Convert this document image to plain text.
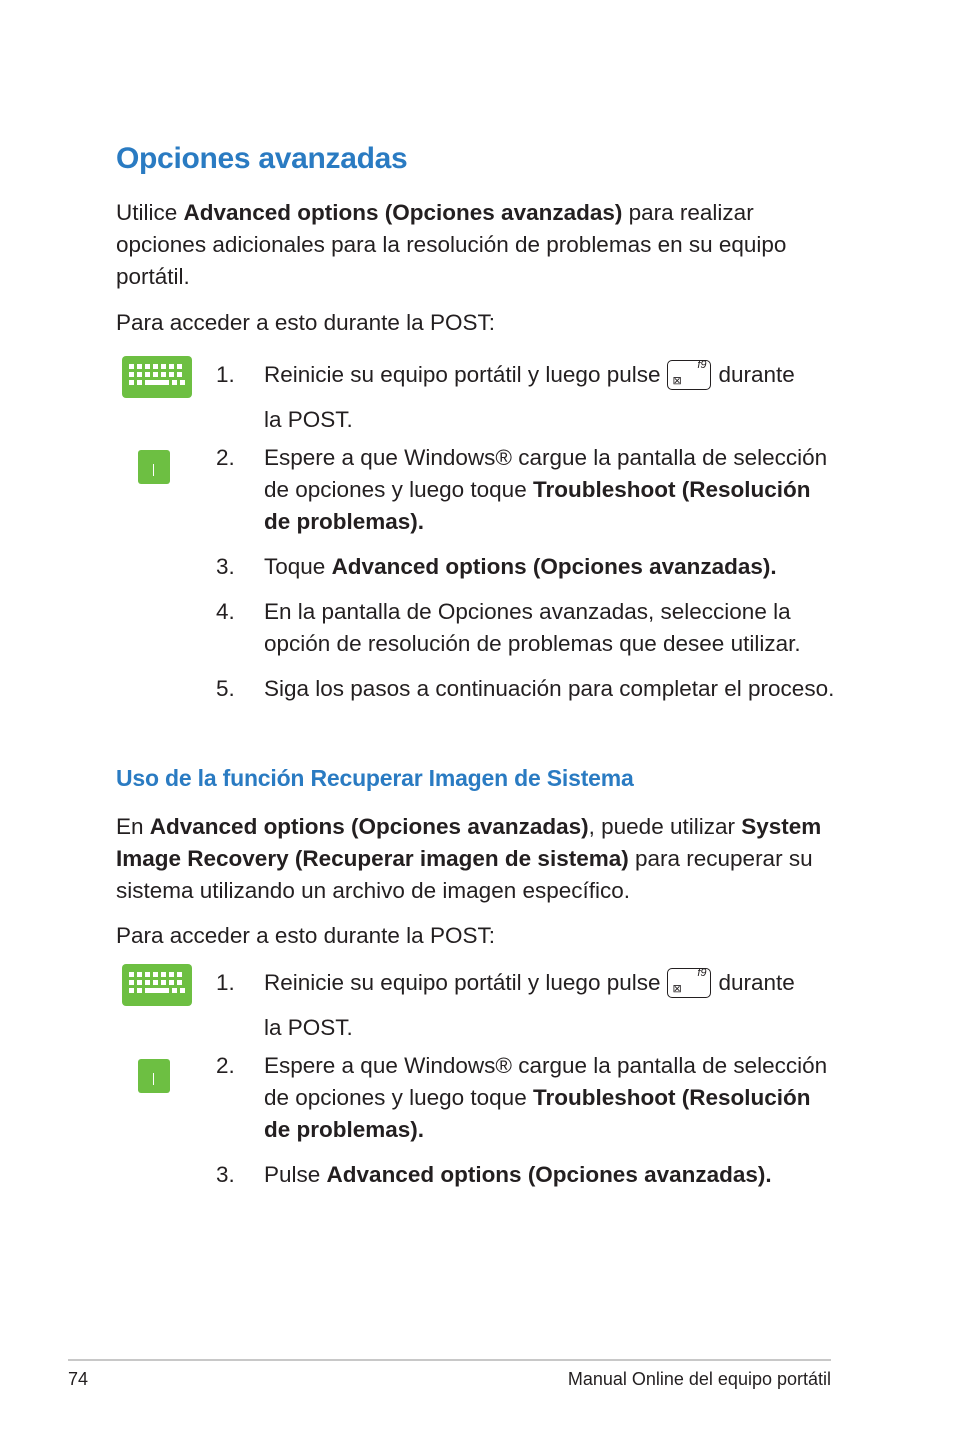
Opciones avanzadas

Utilice Advanced options (Opciones avanzadas) para realizar opciones adicionales para la resolución de problemas en su equipo portátil.

Para acceder a esto durante la POST:

1. Reinicie su equipo portátil y luego pulse	f9
⊠ durante
la POST.
2. Espere a que Windows® cargue la pantalla de selección de opciones y luego toque Troubleshoot (Resolución de problemas).
3. Toque Advanced options (Opciones avanzadas).
4. En la pantalla de Opciones avanzadas, seleccione la opción de resolución de problemas que desee utilizar.
5. Siga los pasos a continuación para completar el proceso.
Uso de la función Recuperar Imagen de Sistema

En Advanced options (Opciones avanzadas), puede utilizar System Image Recovery (Recuperar imagen de sistema) para recuperar su sistema utilizando un archivo de imagen específico.

Para acceder a esto durante la POST:

1. Reinicie su equipo portátil y luego pulse	f9
⊠ durante
la POST.
2. Espere a que Windows® cargue la pantalla de selección de opciones y luego toque Troubleshoot (Resolución de problemas).
3. Pulse Advanced options (Opciones avanzadas).
74	Manual Online del equipo portátil
